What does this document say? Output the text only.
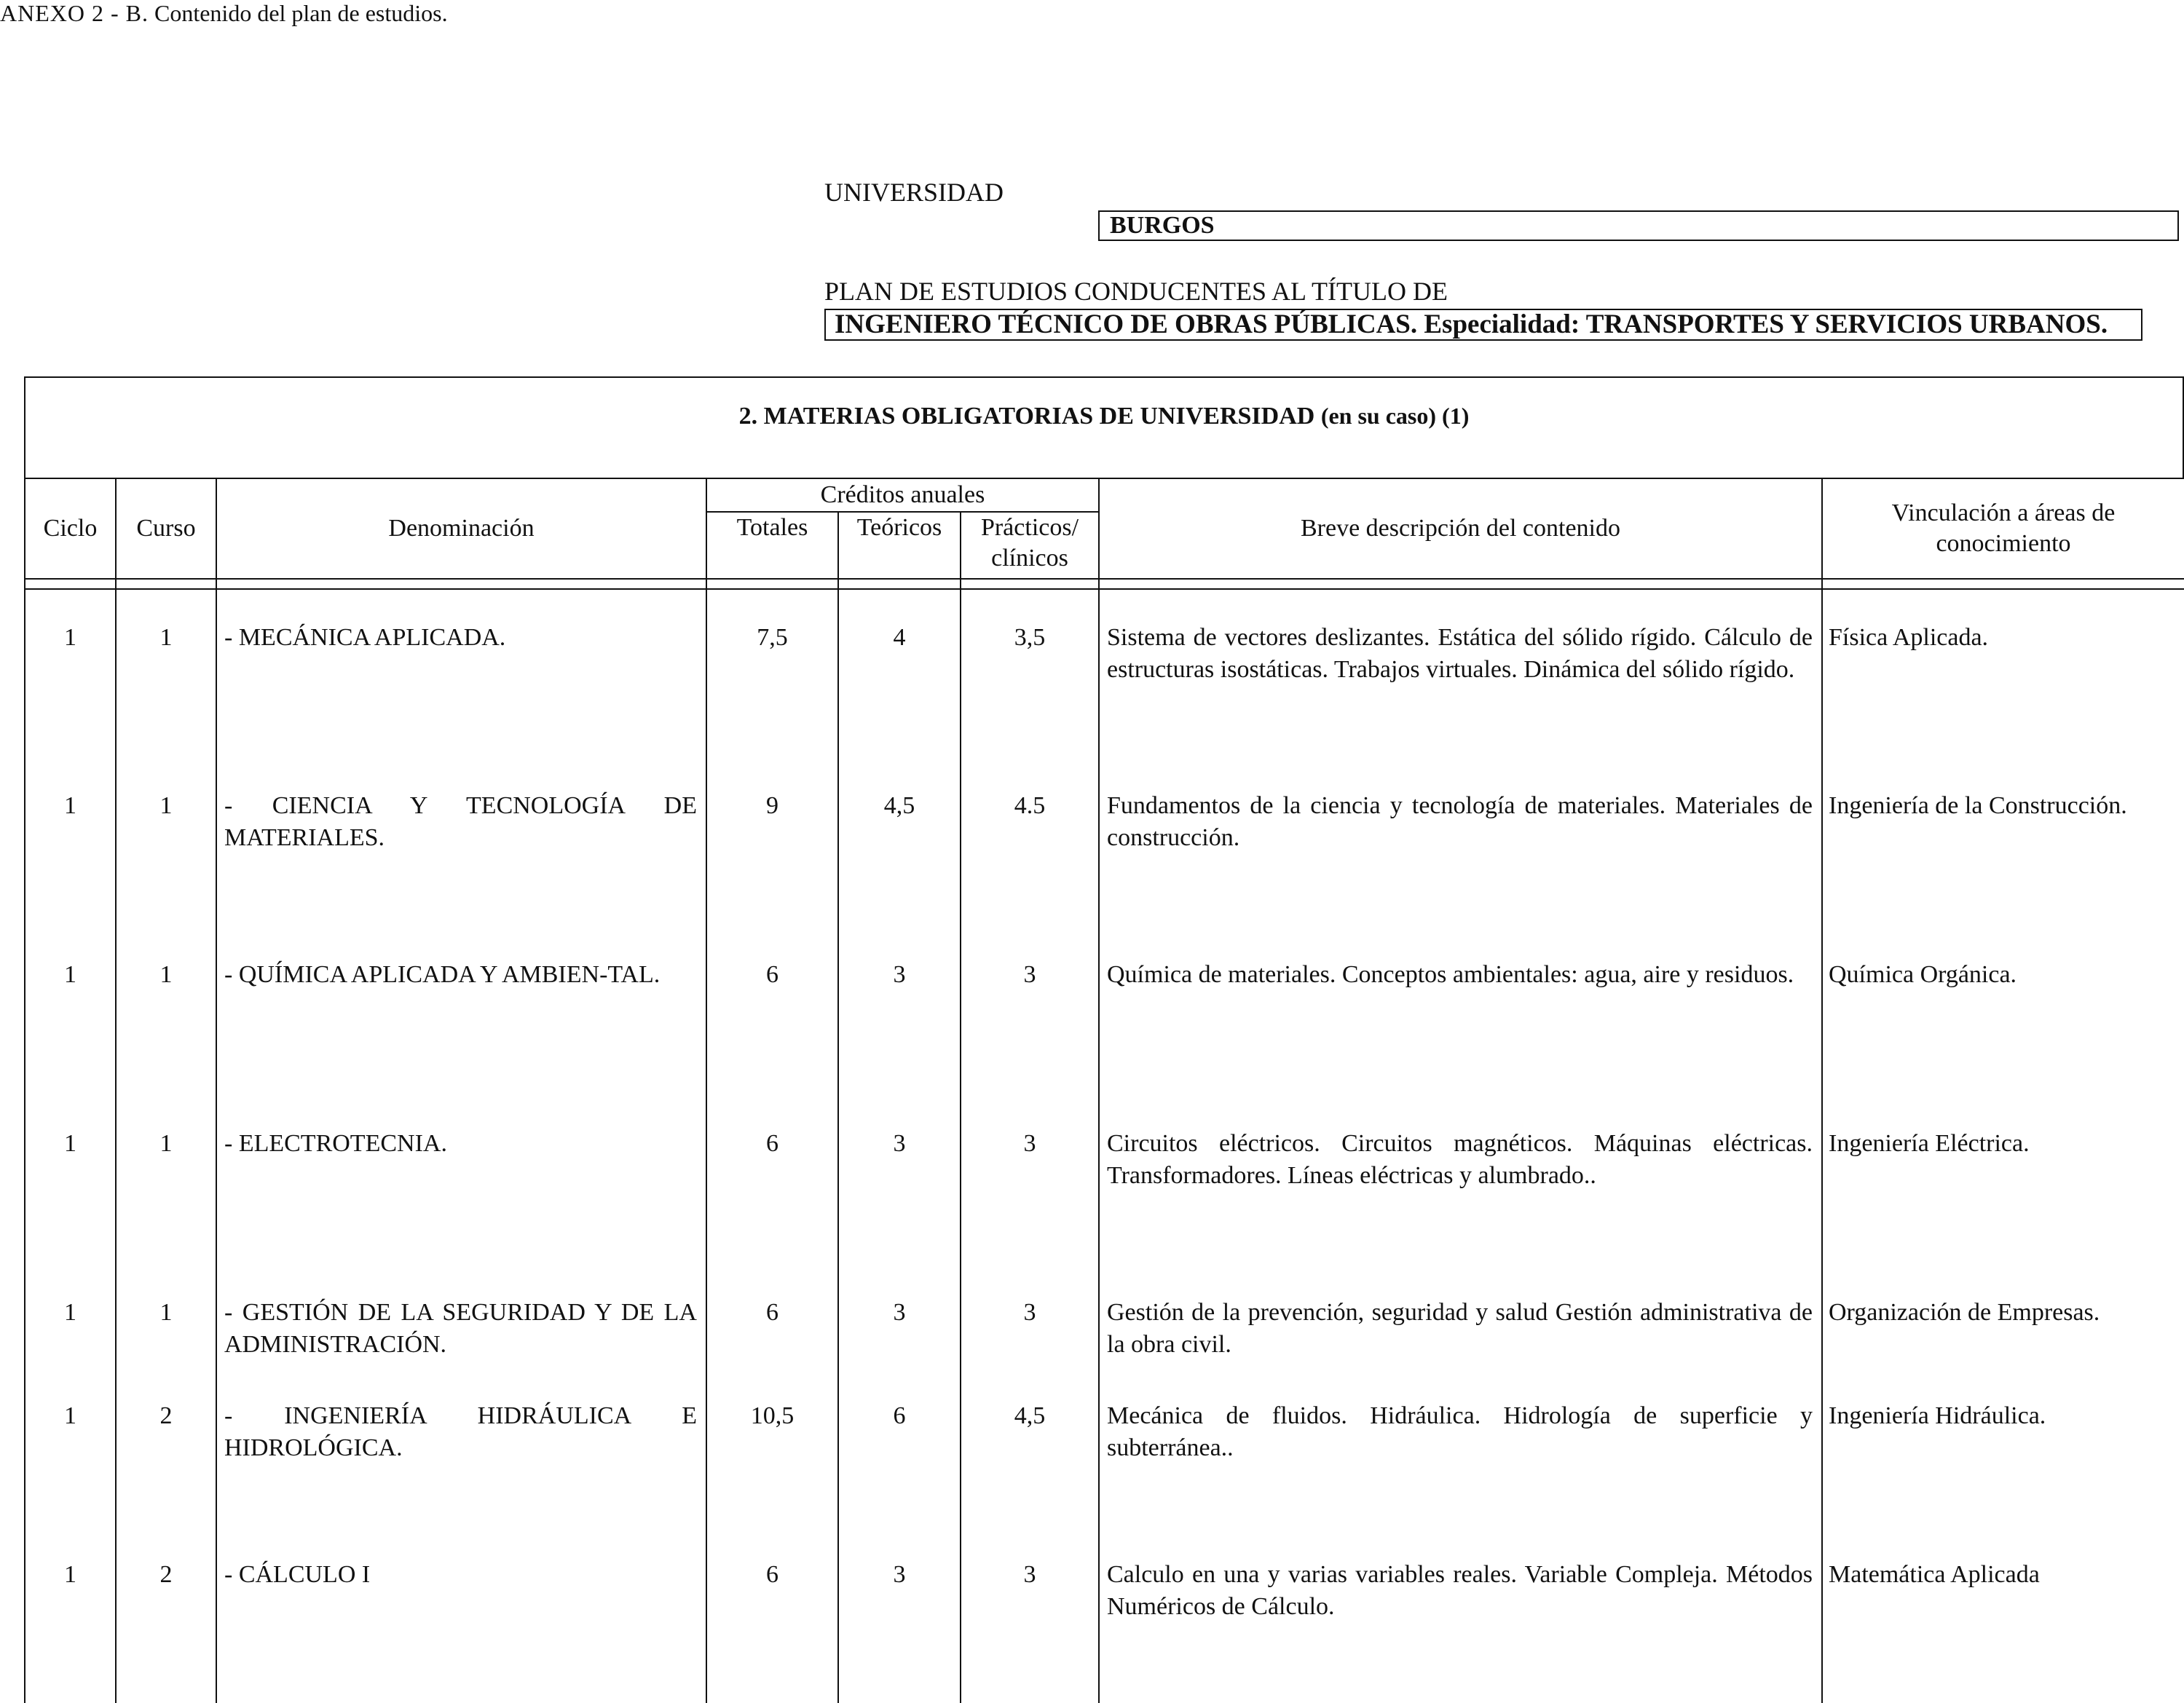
ANEXO 2 - B. Contenido del plan de estudios.
UNIVERSIDAD
BURGOS
PLAN DE ESTUDIOS CONDUCENTES AL TÍTULO DE
INGENIERO TÉCNICO DE OBRAS PÚBLICAS. Especialidad: TRANSPORTES Y SERVICIOS URBANOS.
2. MATERIAS OBLIGATORIAS DE UNIVERSIDAD (en su caso) (1)
Ciclo	Curso	Denominación	Créditos anuales			Breve descripción del contenido	Vinculación a áreas de conocimiento
			Totales	Teóricos	Prácticos/
clínicos		

1	1	- MECÁNICA APLICADA.	7,5	4	3,5	Sistema de vectores deslizantes. Estática del sólido rígido. Cálculo de estructuras isostáticas. Trabajos virtuales. Dinámica del sólido rígido.	Física Aplicada.
1	1	- CIENCIA Y TECNOLOGÍA DE MATERIALES.	9	4,5	4.5	Fundamentos de la ciencia y tecnología de materiales. Materiales de construcción.	Ingeniería de la Construcción.
1	1	- QUÍMICA APLICADA Y AMBIEN-TAL.	6	3	3	Química de materiales. Conceptos ambientales: agua, aire y residuos.	Química Orgánica.
1	1	- ELECTROTECNIA.	6	3	3	Circuitos eléctricos. Circuitos magnéticos. Máquinas eléctricas. Transformadores. Líneas eléctricas y alumbrado..	Ingeniería Eléctrica.
1	1	- GESTIÓN DE LA SEGURIDAD Y DE LA ADMINISTRACIÓN.	6	3	3	Gestión de la prevención, seguridad y salud Gestión administrativa de la obra civil.	Organización de Empresas.
1	2	- INGENIERÍA HIDRÁULICA E HIDROLÓGICA.	10,5	6	4,5	Mecánica de fluidos. Hidráulica. Hidrología de superficie y subterránea..	Ingeniería Hidráulica.
1	2	- CÁLCULO I	6	3	3	Calculo en una y varias variables reales. Variable Compleja. Métodos Numéricos de Cálculo.	Matemática Aplicada
